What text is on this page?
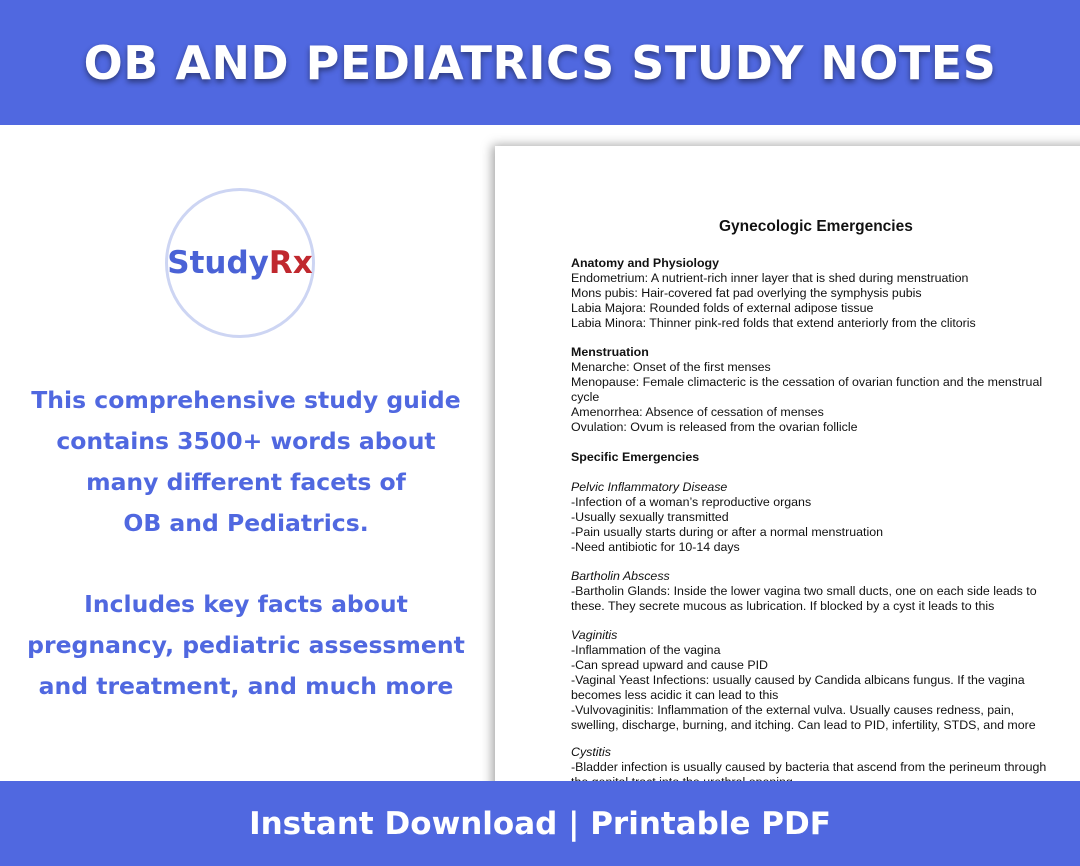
OB AND PEDIATRICS STUDY NOTES
StudyRx
This comprehensive study guide
contains 3500+ words about
many different facets of
OB and Pediatrics.
Includes key facts about
pregnancy, pediatric assessment
and treatment, and much more
Gynecologic Emergencies
Anatomy and Physiology
Endometrium: A nutrient-rich inner layer that is shed during menstruation
Mons pubis: Hair-covered fat pad overlying the symphysis pubis
Labia Majora: Rounded folds of external adipose tissue
Labia Minora: Thinner pink-red folds that extend anteriorly from the clitoris
Menstruation
Menarche: Onset of the first menses
Menopause: Female climacteric is the cessation of ovarian function and the menstrual
cycle
Amenorrhea: Absence of cessation of menses
Ovulation: Ovum is released from the ovarian follicle
Specific Emergencies
Pelvic Inflammatory Disease
-Infection of a woman’s reproductive organs
-Usually sexually transmitted
-Pain usually starts during or after a normal menstruation
-Need antibiotic for 10-14 days
Bartholin Abscess
-Bartholin Glands: Inside the lower vagina two small ducts, one on each side leads to
these. They secrete mucous as lubrication. If blocked by a cyst it leads to this
Vaginitis
-Inflammation of the vagina
-Can spread upward and cause PID
-Vaginal Yeast Infections: usually caused by Candida albicans fungus. If the vagina
becomes less acidic it can lead to this
-Vulvovaginitis: Inflammation of the external vulva. Usually causes redness, pain,
swelling, discharge, burning, and itching. Can lead to PID, infertility, STDS, and more
Cystitis
-Bladder infection is usually caused by bacteria that ascend from the perineum through
Instant Download | Printable PDF
